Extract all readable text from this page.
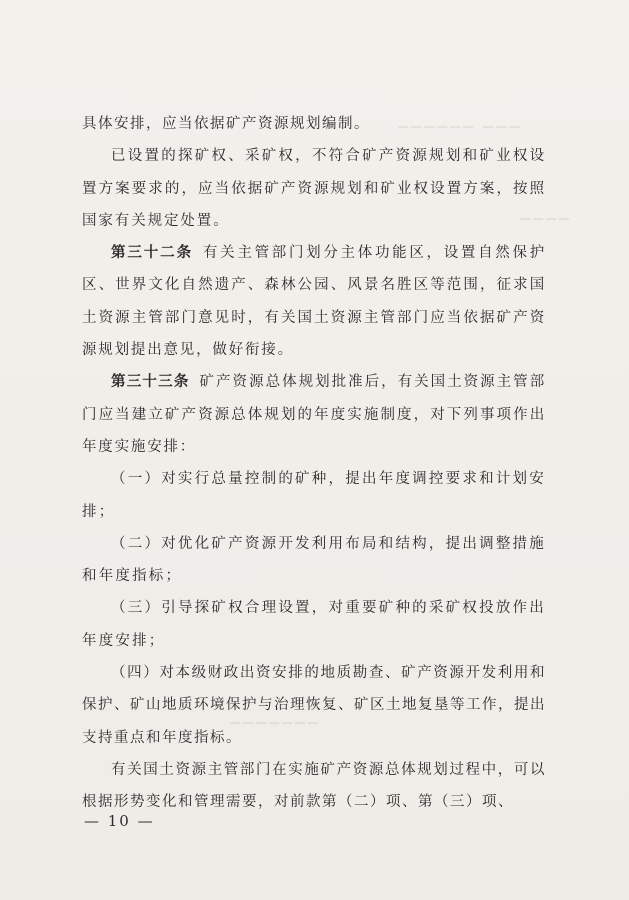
▁▁▁▁▁▁ ▁▁▁
▁▁▁▁
▁▁▁▁▁▁▁

具体安排，应当依据矿产资源规划编制。

已设置的探矿权、采矿权，不符合矿产资源规划和矿业权设置方案要求的，应当依据矿产资源规划和矿业权设置方案，按照国家有关规定处置。

第三十二条 有关主管部门划分主体功能区，设置自然保护区、世界文化自然遗产、森林公园、风景名胜区等范围，征求国土资源主管部门意见时，有关国土资源主管部门应当依据矿产资源规划提出意见，做好衔接。

第三十三条 矿产资源总体规划批准后，有关国土资源主管部门应当建立矿产资源总体规划的年度实施制度，对下列事项作出年度实施安排：

（一）对实行总量控制的矿种，提出年度调控要求和计划安排；

（二）对优化矿产资源开发利用布局和结构，提出调整措施和年度指标；

（三）引导探矿权合理设置，对重要矿种的采矿权投放作出年度安排；

（四）对本级财政出资安排的地质勘查、矿产资源开发利用和保护、矿山地质环境保护与治理恢复、矿区土地复垦等工作，提出支持重点和年度指标。

有关国土资源主管部门在实施矿产资源总体规划过程中，可以根据形势变化和管理需要，对前款第（二）项、第（三）项、

— 10 —
